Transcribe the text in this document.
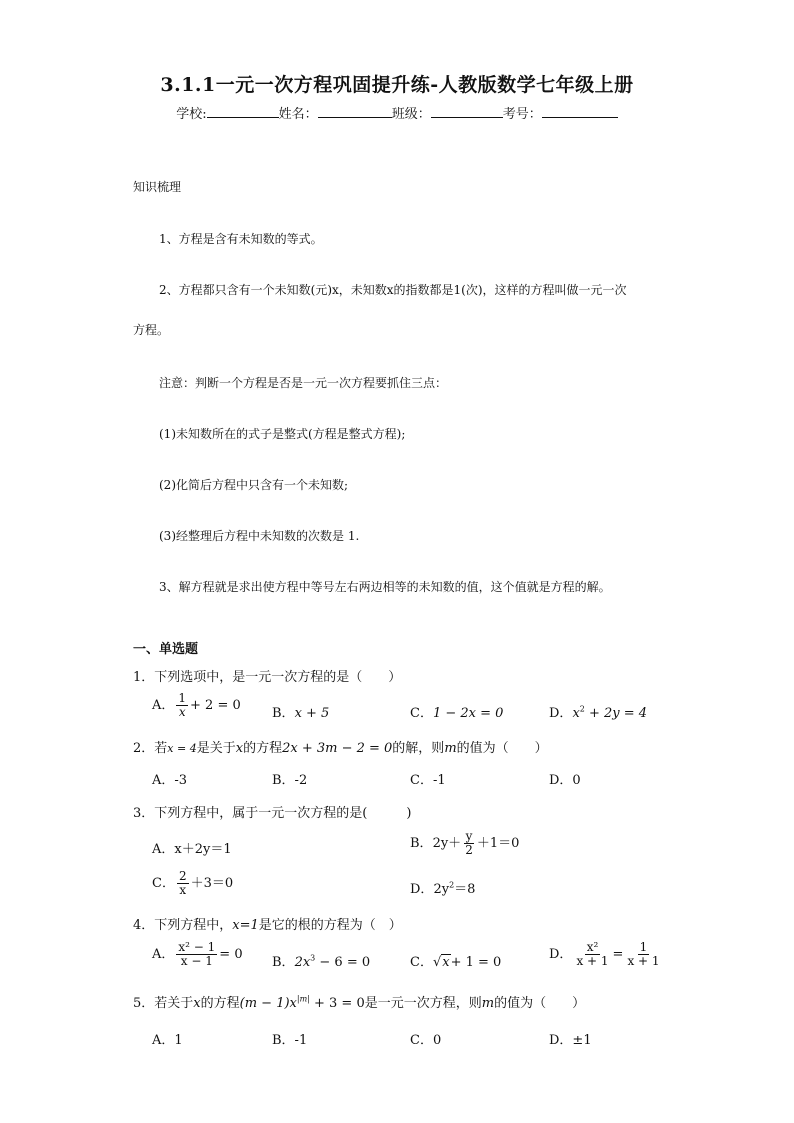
3.1.1一元一次方程巩固提升练-人教版数学七年级上册
学校:	姓名：	班级：	考号：
知识梳理
1、方程是含有未知数的等式。
2、方程都只含有一个未知数(元)x，未知数x的指数都是1(次)，这样的方程叫做一元一次
方程。
注意：判断一个方程是否是一元一次方程要抓住三点：
(1)未知数所在的式子是整式(方程是整式方程);
(2)化简后方程中只含有一个未知数;
(3)经整理后方程中未知数的次数是 1.
3、解方程就是求出使方程中等号左右两边相等的未知数的值，这个值就是方程的解。
一、单选题
1．下列选项中，是一元一次方程的是（　　）
A． $\frac{1}{x} + 2 = 0$
B．x + 5	C．1 − 2x = 0	D．$x^2 + 2y = 4$
2．若x = 4是关于x的方程2x + 3m − 2 = 0的解，则m的值为（　　）
A．-3	B．-2	C．-1	D．0
3．下列方程中，属于一元一次方程的是(　　　)
A．x＋2y＝1	B．$2y+ \frac{y}{2} +1=0$
C． $\frac{2}{x} +3=0$	D．$2y^2=8$
4．下列方程中，x=1是它的根的方程为（　）
A． $\frac{\text{x² − 1}}{x - 1} = 0$
B．$2x^3 - 6 = 0$	C．√x+ 1 = 0
D． $\frac{\text{x²}}{x + 1} = \frac{1}{x + 1}$
5．若关于x的方程$(m - 1)x^{|m|} + 3 = 0$是一元一次方程，则m的值为（　　）
A．1	B．-1	C．0	D．±1
